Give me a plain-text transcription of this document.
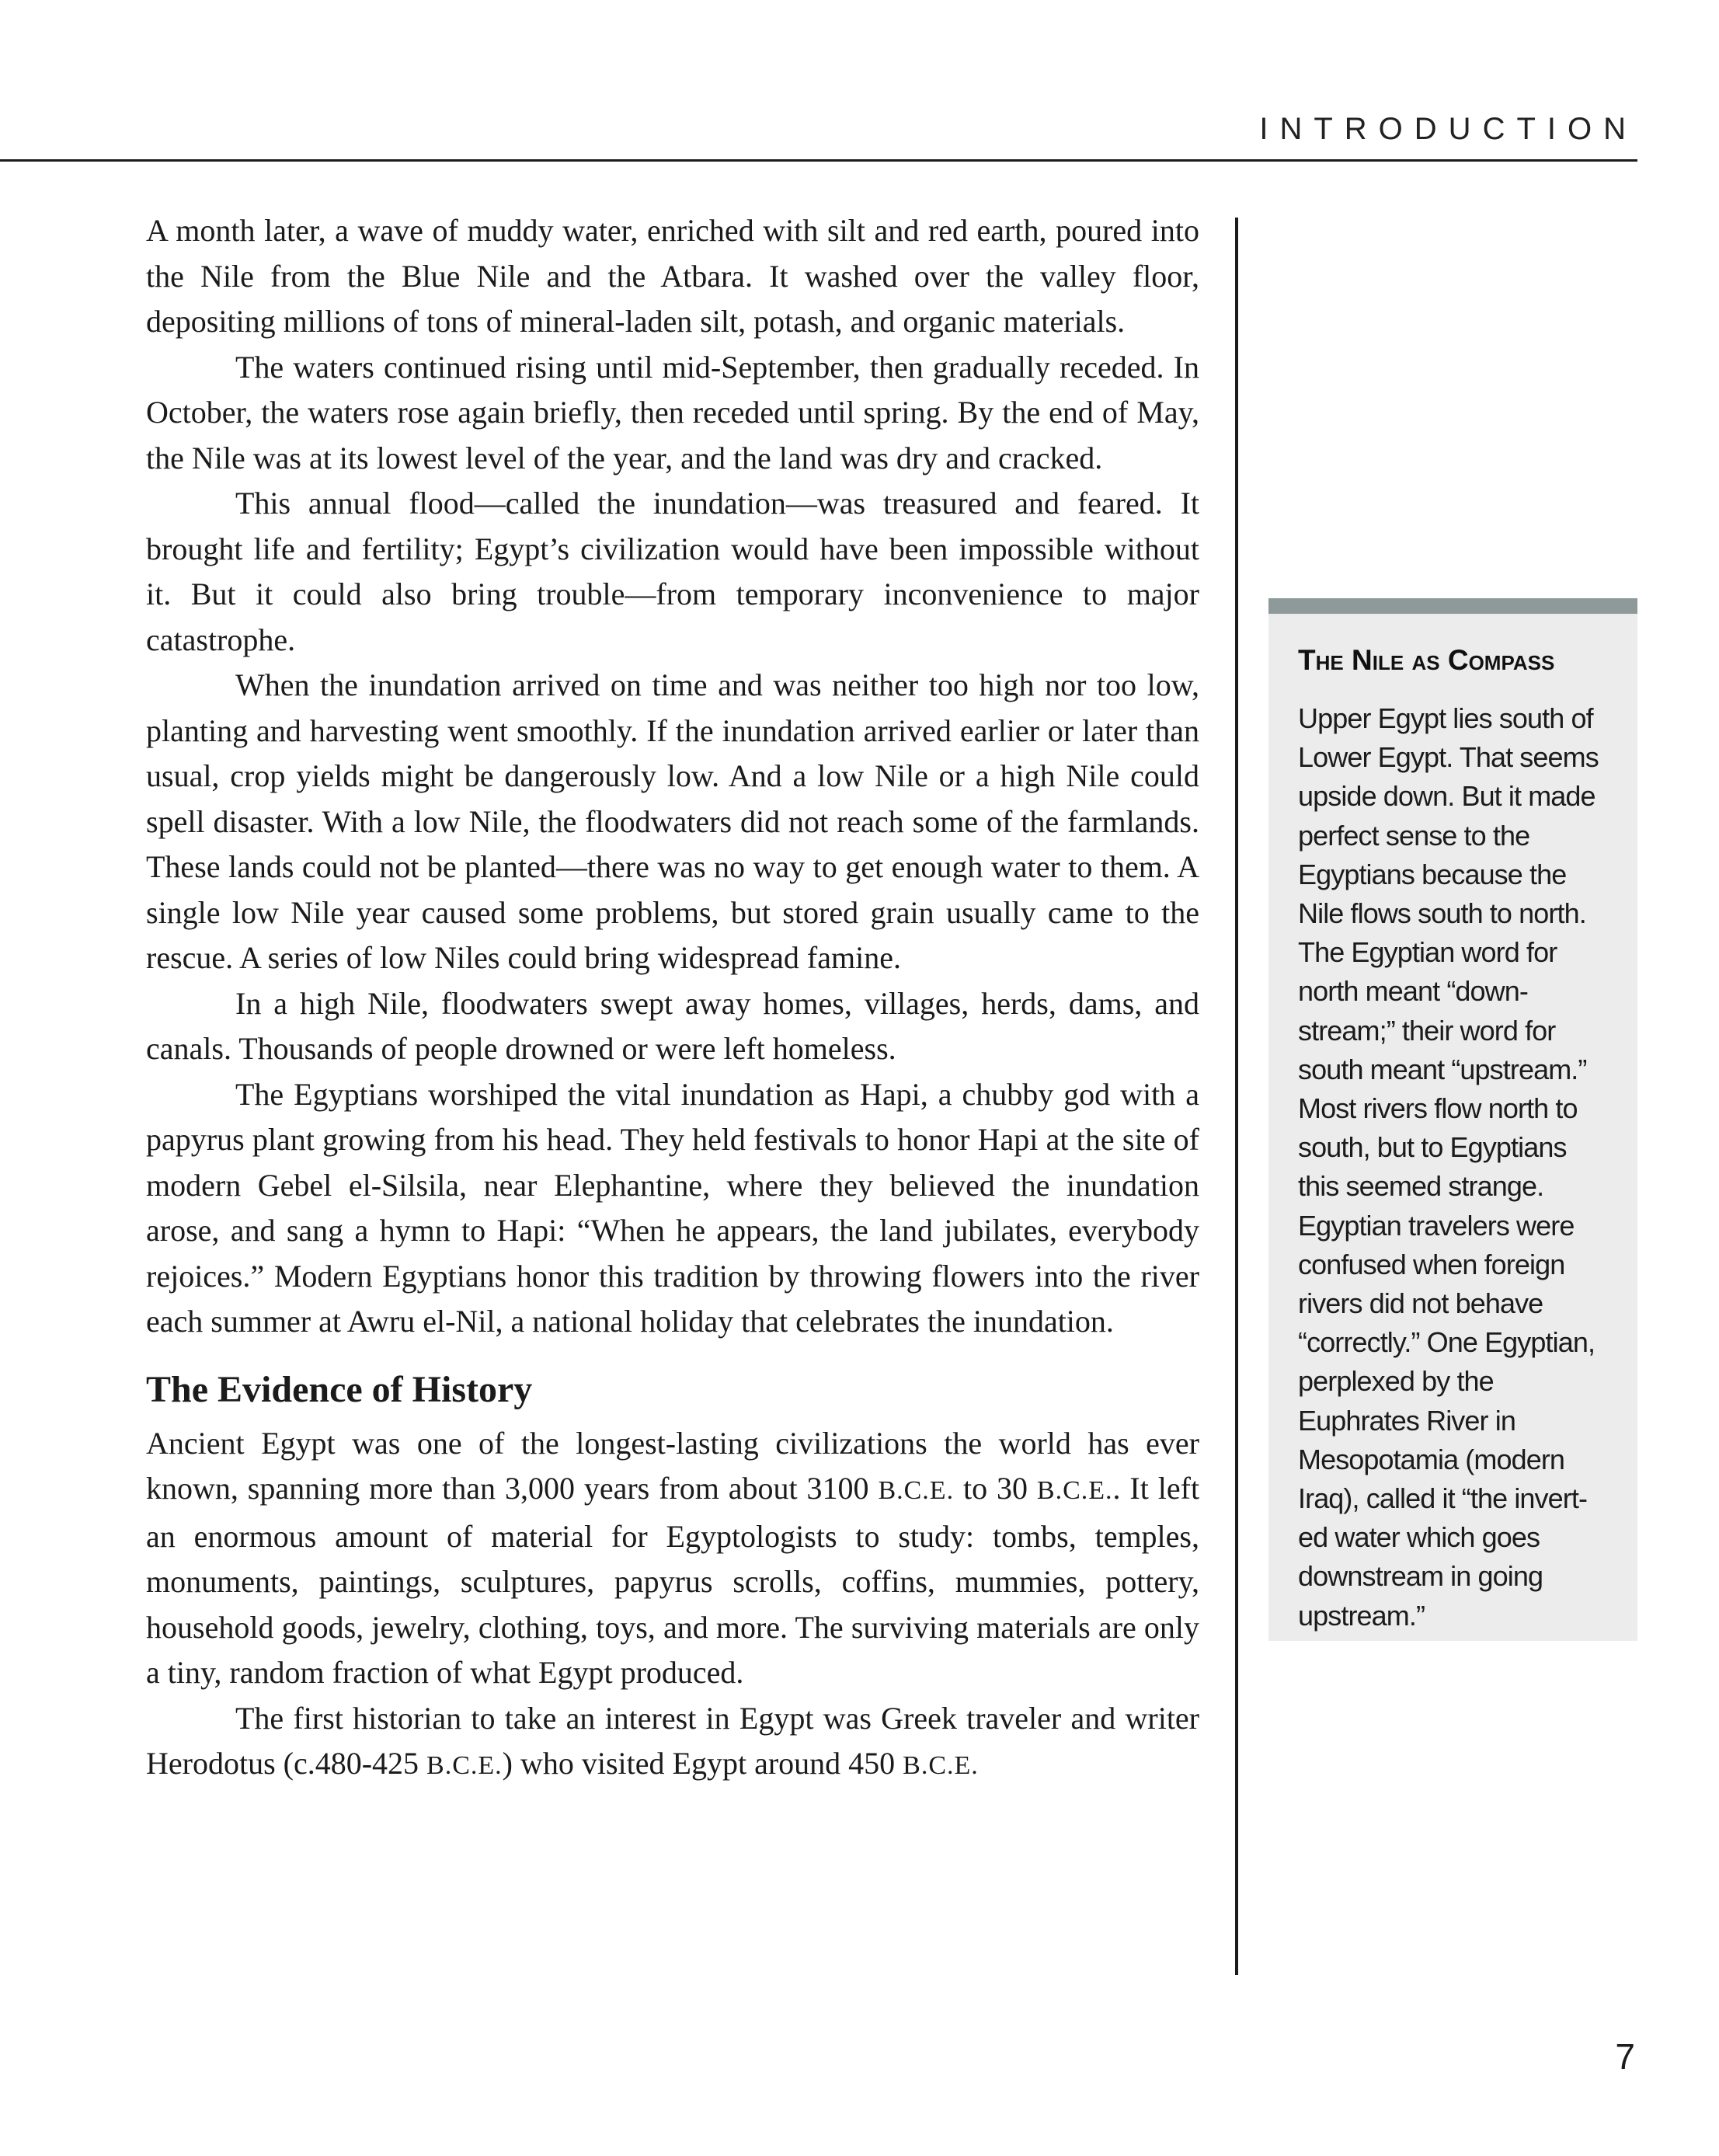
INTRODUCTION

A month later, a wave of muddy water, enriched with silt and red earth, poured into the Nile from the Blue Nile and the Atbara. It washed over the valley floor, depositing millions of tons of mineral-laden silt, potash, and organic materials.

The waters continued rising until mid-September, then gradually receded. In October, the waters rose again briefly, then receded until spring. By the end of May, the Nile was at its lowest level of the year, and the land was dry and cracked.

This annual flood—called the inundation—was treasured and feared. It brought life and fertility; Egypt’s civilization would have been impossible without it. But it could also bring trouble—from temporary inconvenience to major catastrophe.

When the inundation arrived on time and was neither too high nor too low, planting and harvesting went smoothly. If the inundation arrived earlier or later than usual, crop yields might be dangerously low. And a low Nile or a high Nile could spell disaster. With a low Nile, the floodwaters did not reach some of the farmlands. These lands could not be planted—there was no way to get enough water to them. A single low Nile year caused some problems, but stored grain usually came to the rescue. A series of low Niles could bring widespread famine.

In a high Nile, floodwaters swept away homes, villages, herds, dams, and canals. Thousands of people drowned or were left homeless.

The Egyptians worshiped the vital inundation as Hapi, a chubby god with a papyrus plant growing from his head. They held festivals to honor Hapi at the site of modern Gebel el-Silsila, near Elephantine, where they believed the inundation arose, and sang a hymn to Hapi: “When he appears, the land jubilates, everybody rejoices.” Modern Egyptians honor this tradition by throwing flowers into the river each summer at Awru el-Nil, a national holiday that celebrates the inundation.

The Evidence of History

Ancient Egypt was one of the longest-lasting civilizations the world has ever known, spanning more than 3,000 years from about 3100 B.C.E. to 30 B.C.E.. It left an enormous amount of material for Egyptologists to study: tombs, temples, monuments, paintings, sculptures, papyrus scrolls, coffins, mummies, pottery, household goods, jewelry, clothing, toys, and more. The surviving materials are only a tiny, random fraction of what Egypt produced.

The first historian to take an interest in Egypt was Greek traveler and writer Herodotus (c.480-425 B.C.E.) who visited Egypt around 450 B.C.E.

The Nile as Compass
Upper Egypt lies south of
Lower Egypt. That seems
upside down. But it made
perfect sense to the
Egyptians because the
Nile flows south to north.
The Egyptian word for
north meant “down-
stream;” their word for
south meant “upstream.”
Most rivers flow north to
south, but to Egyptians
this seemed strange.
Egyptian travelers were
confused when foreign
rivers did not behave
“correctly.” One Egyptian,
perplexed by the
Euphrates River in
Mesopotamia (modern
Iraq), called it “the invert-
ed water which goes
downstream in going
upstream.”
7
